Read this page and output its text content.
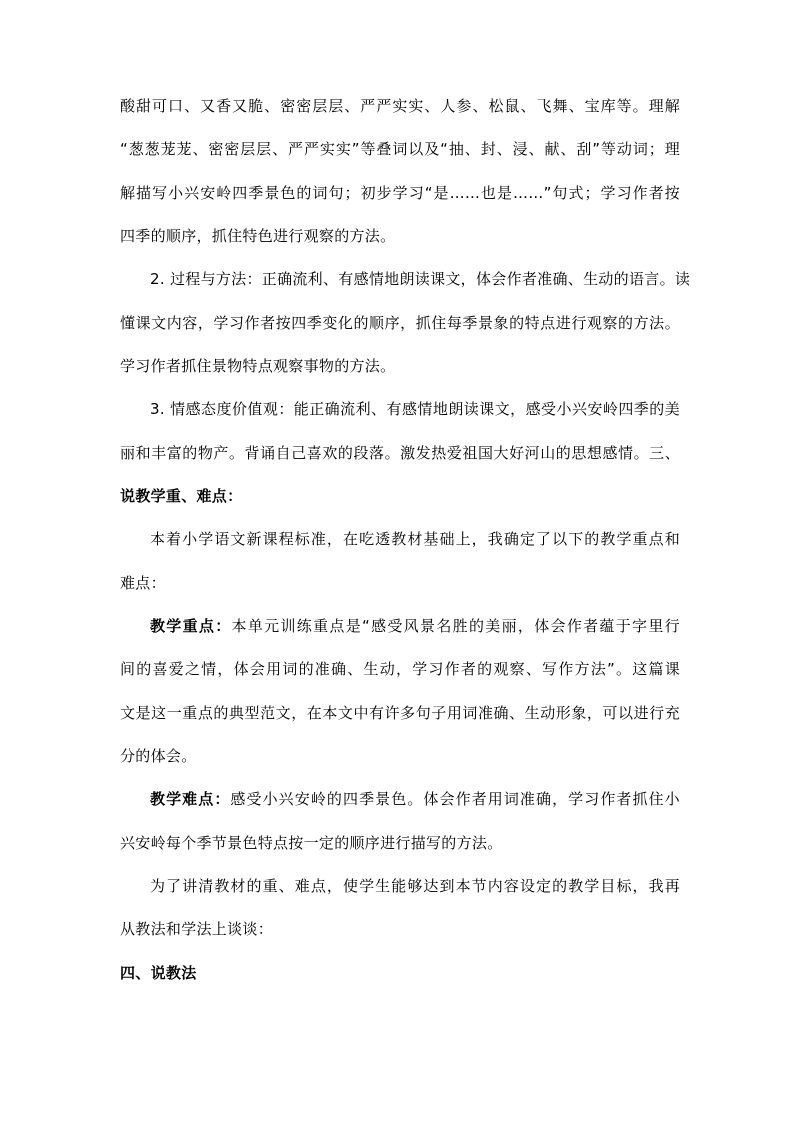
酸甜可口、又香又脆、密密层层、严严实实、人参、松鼠、飞舞、宝库等。理解
“葱葱茏茏、密密层层、严严实实”等叠词以及“抽、封、浸、献、刮”等动词；理
解描写小兴安岭四季景色的词句；初步学习“是……也是……”句式；学习作者按
四季的顺序，抓住特色进行观察的方法。
2. 过程与方法：正确流利、有感情地朗读课文，体会作者准确、生动的语言。读
懂课文内容，学习作者按四季变化的顺序，抓住每季景象的特点进行观察的方法。
学习作者抓住景物特点观察事物的方法。
3. 情感态度价值观：能正确流利、有感情地朗读课文，感受小兴安岭四季的美
丽和丰富的物产。背诵自己喜欢的段落。激发热爱祖国大好河山的思想感情。三、
说教学重、难点：
本着小学语文新课程标准，在吃透教材基础上，我确定了以下的教学重点和
难点：
教学重点：本单元训练重点是“感受风景名胜的美丽，体会作者蕴于字里行
间的喜爱之情，体会用词的准确、生动，学习作者的观察、写作方法”。这篇课
文是这一重点的典型范文，在本文中有许多句子用词准确、生动形象，可以进行充
分的体会。
教学难点：感受小兴安岭的四季景色。体会作者用词准确，学习作者抓住小
兴安岭每个季节景色特点按一定的顺序进行描写的方法。
为了讲清教材的重、难点，使学生能够达到本节内容设定的教学目标，我再
从教法和学法上谈谈：
四、说教法
